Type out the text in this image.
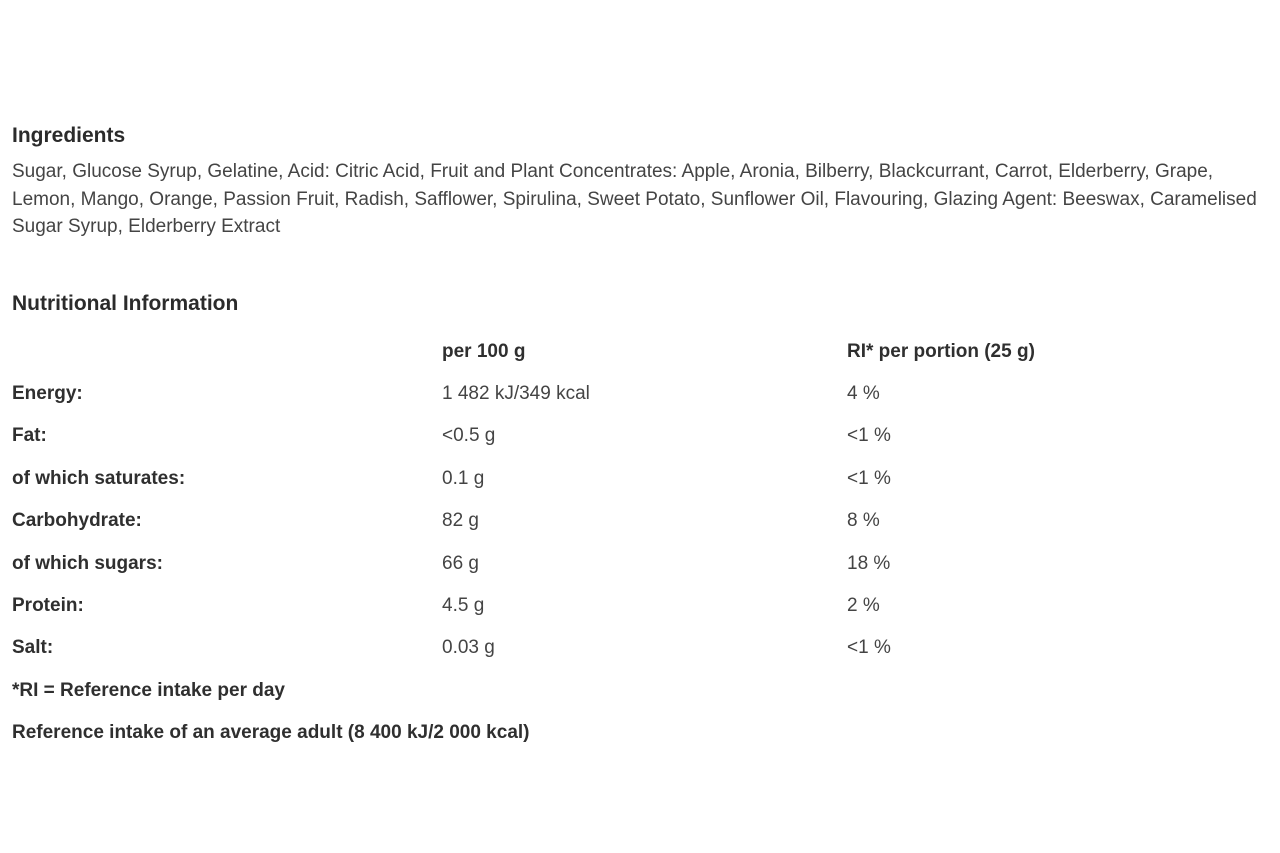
Ingredients

Sugar, Glucose Syrup, Gelatine, Acid: Citric Acid, Fruit and Plant Concentrates: Apple, Aronia, Bilberry, Blackcurrant, Carrot, Elderberry, Grape, Lemon, Mango, Orange, Passion Fruit, Radish, Safflower, Spirulina, Sweet Potato, Sunflower Oil, Flavouring, Glazing Agent: Beeswax, Caramelised Sugar Syrup, Elderberry Extract

Nutritional Information
	per 100 g	RI* per portion (25 g)
Energy:	1 482 kJ/349 kcal	4 %
Fat:	<0.5 g	<1 %
of which saturates:	0.1 g	<1 %
Carbohydrate:	82 g	8 %
of which sugars:	66 g	18 %
Protein:	4.5 g	2 %
Salt:	0.03 g	<1 %

*RI = Reference intake per day

Reference intake of an average adult (8 400 kJ/2 000 kcal)
